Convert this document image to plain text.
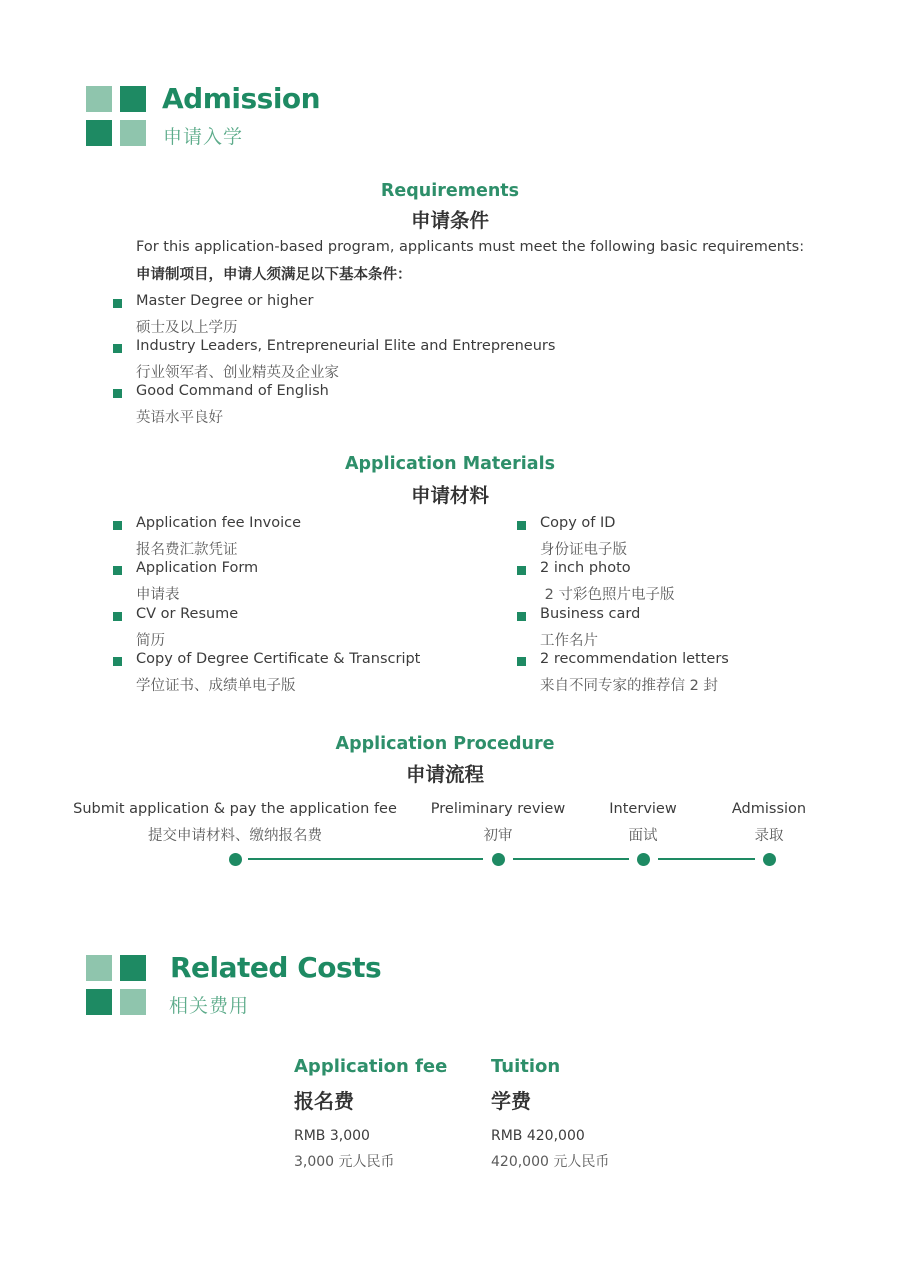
Admission
申请入学
Requirements
申请条件
For this application-based program, applicants must meet the following basic requirements:
申请制项目，申请人须满足以下基本条件：
Master Degree or higher
硕士及以上学历
Industry Leaders, Entrepreneurial Elite and Entrepreneurs
行业领军者、创业精英及企业家
Good Command of English
英语水平良好
Application Materials
申请材料
Application fee Invoice
报名费汇款凭证
Application Form
申请表
CV or Resume
简历
Copy of Degree Certificate & Transcript
学位证书、成绩单电子版
Copy of ID
身份证电子版
2 inch photo
2 寸彩色照片电子版
Business card
工作名片
2 recommendation letters
来自不同专家的推荐信 2 封
Application Procedure
申请流程
Submit application & pay the application fee
提交申请材料、缴纳报名费
Preliminary review
初审
Interview
面试
Admission
录取
Related Costs
相关费用
Application fee
报名费
RMB 3,000
3,000 元人民币
Tuition
学费
RMB 420,000
420,000 元人民币
